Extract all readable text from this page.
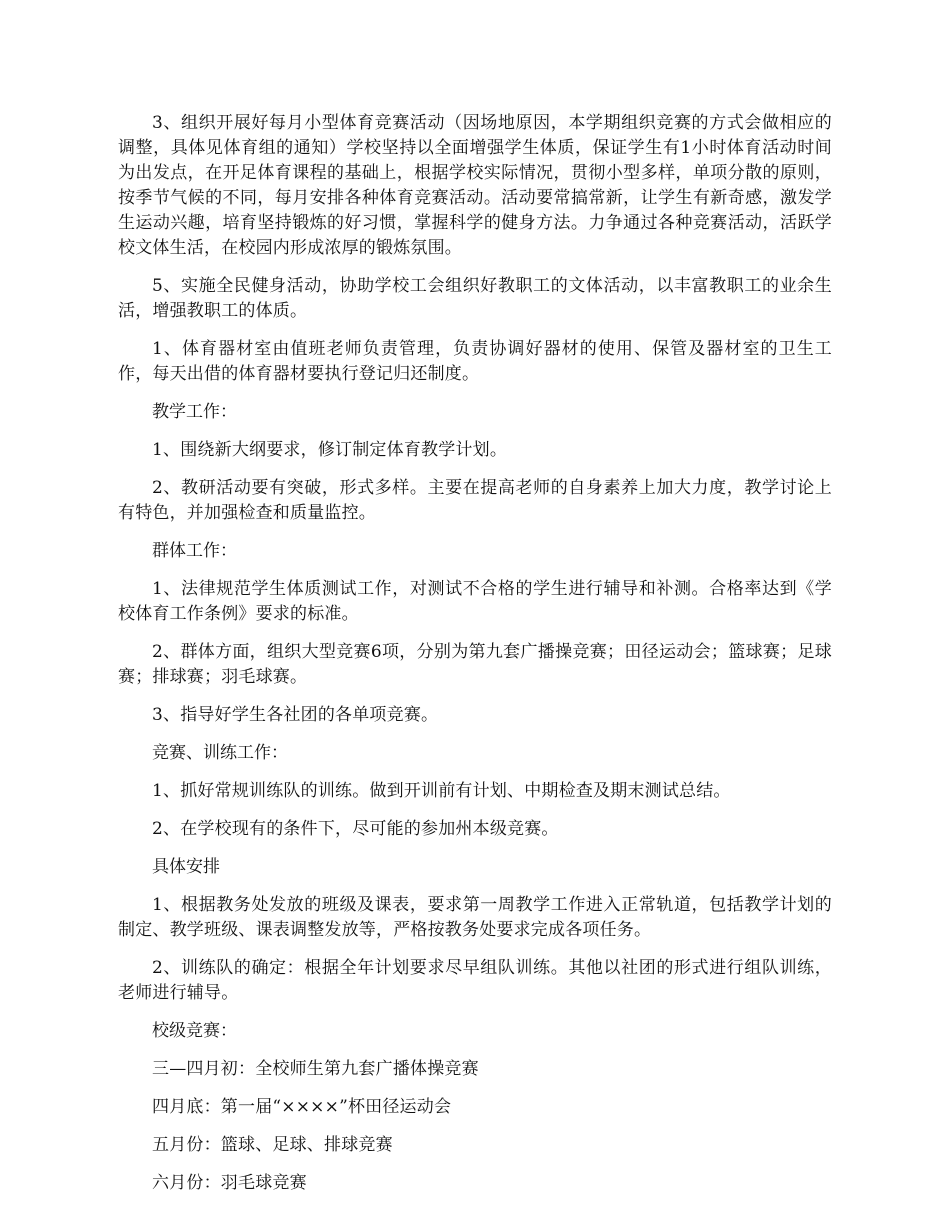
3、组织开展好每月小型体育竞赛活动（因场地原因，本学期组织竞赛的方式会做相应的调整，具体见体育组的通知）学校坚持以全面增强学生体质，保证学生有1小时体育活动时间为出发点，在开足体育课程的基础上，根据学校实际情况，贯彻小型多样，单项分散的原则，按季节气候的不同，每月安排各种体育竞赛活动。活动要常搞常新，让学生有新奇感，激发学生运动兴趣，培育坚持锻炼的好习惯，掌握科学的健身方法。力争通过各种竞赛活动，活跃学校文体生活，在校园内形成浓厚的锻炼氛围。

5、实施全民健身活动，协助学校工会组织好教职工的文体活动，以丰富教职工的业余生活，增强教职工的体质。

1、体育器材室由值班老师负责管理，负责协调好器材的使用、保管及器材室的卫生工作，每天出借的体育器材要执行登记归还制度。

教学工作：

1、围绕新大纲要求，修订制定体育教学计划。

2、教研活动要有突破，形式多样。主要在提高老师的自身素养上加大力度，教学讨论上有特色，并加强检查和质量监控。

群体工作：

1、法律规范学生体质测试工作，对测试不合格的学生进行辅导和补测。合格率达到《学校体育工作条例》要求的标准。

2、群体方面，组织大型竞赛6项，分别为第九套广播操竞赛；田径运动会；篮球赛；足球赛；排球赛；羽毛球赛。

3、指导好学生各社团的各单项竞赛。

竞赛、训练工作：

1、抓好常规训练队的训练。做到开训前有计划、中期检查及期末测试总结。

2、在学校现有的条件下，尽可能的参加州本级竞赛。

具体安排

1、根据教务处发放的班级及课表，要求第一周教学工作进入正常轨道，包括教学计划的制定、教学班级、课表调整发放等，严格按教务处要求完成各项任务。

2、训练队的确定：根据全年计划要求尽早组队训练。其他以社团的形式进行组队训练，老师进行辅导。

校级竞赛：

三—四月初：全校师生第九套广播体操竞赛

四月底：第一届“××××”杯田径运动会

五月份：篮球、足球、排球竞赛

六月份：羽毛球竞赛
